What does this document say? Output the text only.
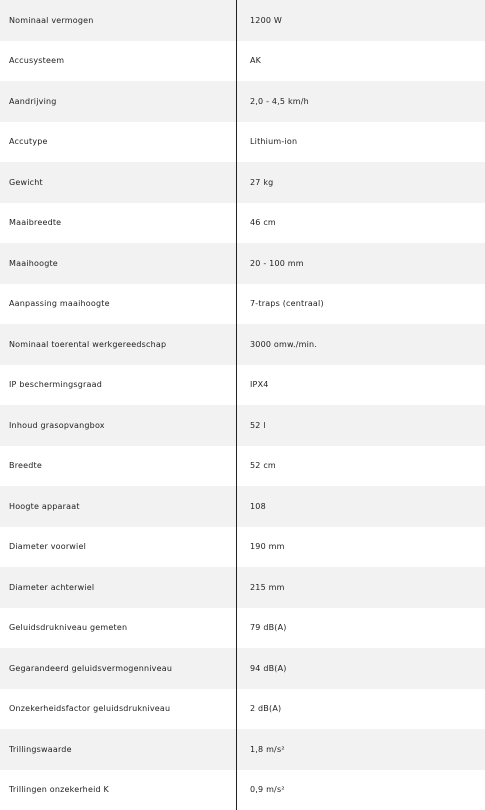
Nominaal vermogen	1200 W
Accusysteem	AK
Aandrijving	2,0 - 4,5 km/h
Accutype	Lithium-ion
Gewicht	27 kg
Maaibreedte	46 cm
Maaihoogte	20 - 100 mm
Aanpassing maaihoogte	7-traps (centraal)
Nominaal toerental werkgereedschap	3000 omw./min.
IP beschermingsgraad	IPX4
Inhoud grasopvangbox	52 l
Breedte	52 cm
Hoogte apparaat	108
Diameter voorwiel	190 mm
Diameter achterwiel	215 mm
Geluidsdrukniveau gemeten	79 dB(A)
Gegarandeerd geluidsvermogenniveau	94 dB(A)
Onzekerheidsfactor geluidsdrukniveau	2 dB(A)
Trillingswaarde	1,8 m/s²
Trillingen onzekerheid K	0,9 m/s²
